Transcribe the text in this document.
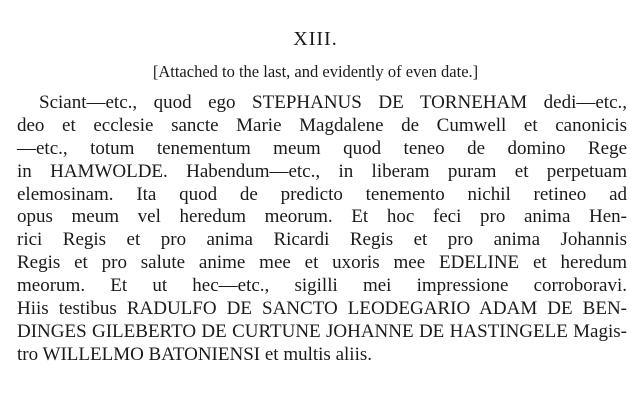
XIII.
[Attached to the last, and evidently of even date.]
Sciant—etc., quod ego STEPHANUS DE TORNEHAM dedi—etc.,
deo et ecclesie sancte Marie Magdalene de Cumwell et canonicis
—etc., totum tenementum meum quod teneo de domino Rege
in HAMWOLDE. Habendum—etc., in liberam puram et perpetuam
elemosinam. Ita quod de predicto tenemento nichil retineo ad
opus meum vel heredum meorum. Et hoc feci pro anima Hen-
rici Regis et pro anima Ricardi Regis et pro anima Johannis
Regis et pro salute anime mee et uxoris mee EDELINE et heredum
meorum. Et ut hec—etc., sigilli mei impressione corroboravi.
Hiis testibus RADULFO DE SANCTO LEODEGARIO ADAM DE BEN-
DINGES GILEBERTO DE CURTUNE JOHANNE DE HASTINGELE Magis-
tro WILLELMO BATONIENSI et multis aliis.
